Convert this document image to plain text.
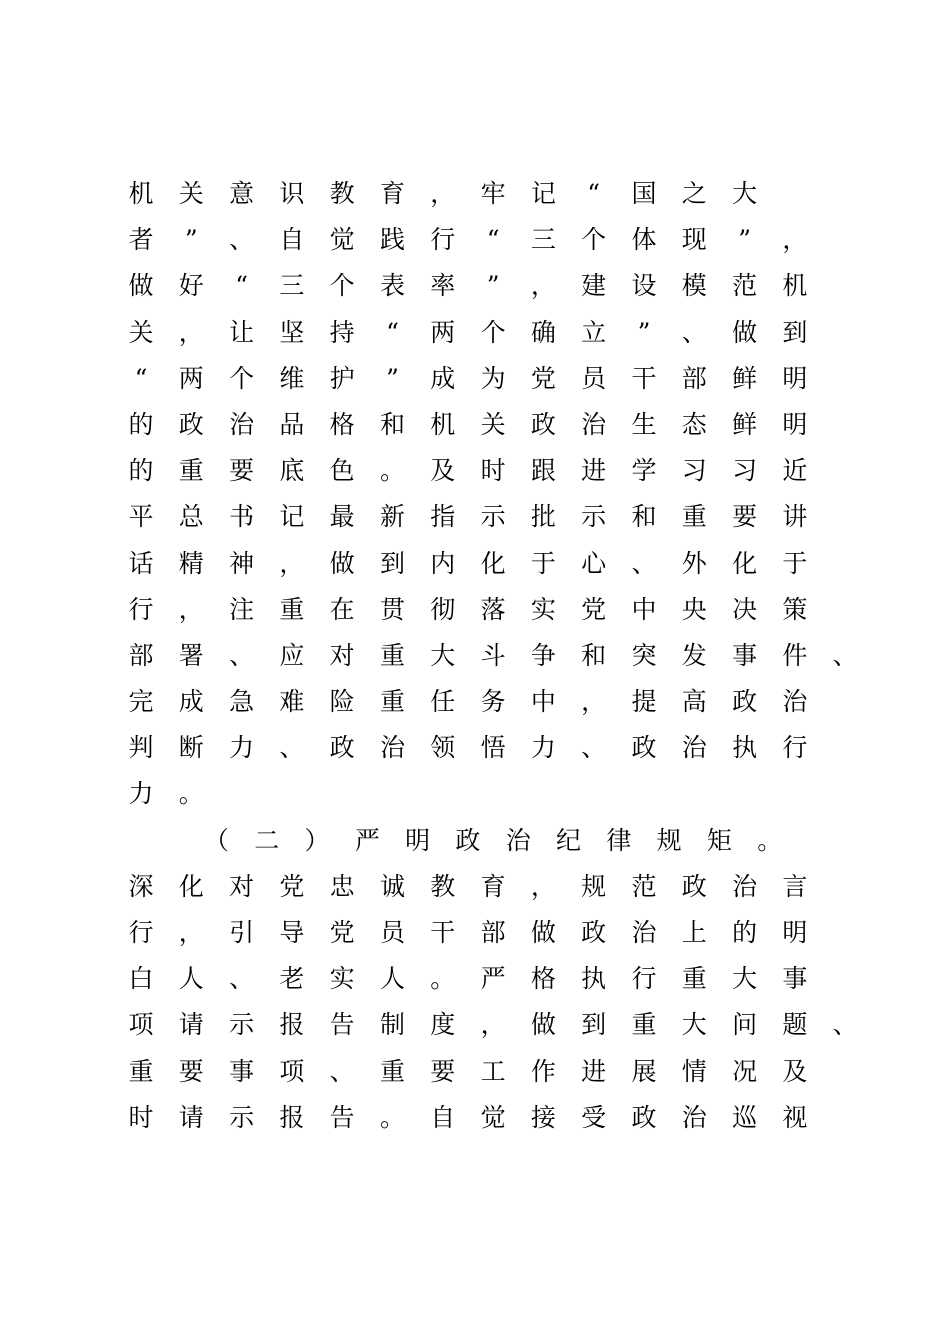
机 关 意 识 教 育 ， 牢 记	“	国 之 大
者	”	、 自 觉 践 行	“	三 个 体 现	”	，
做 好	“	三 个 表 率	”	， 建 设 模 范 机
关 ， 让 坚 持	“	两 个 确 立	”	、 做 到
“	两 个 维 护	”	成 为 党 员 干 部 鲜 明
的 政 治 品 格 和 机 关 政 治 生 态 鲜 明
的 重 要 底 色 。 及 时 跟 进 学 习 习 近
平 总 书 记 最 新 指 示 批 示 和 重 要 讲
话 精 神 ， 做 到 内 化 于 心 、 外 化 于
行 ， 注 重 在 贯 彻 落 实 党 中 央 决 策
部 署 、 应 对 重 大 斗 争 和 突 发 事 件 、
完 成 急 难 险 重 任 务 中 ， 提 高 政 治
判 断 力 、 政 治 领 悟 力 、 政 治 执 行
力 。
（ 二 ） 严 明 政 治 纪 律 规 矩 。
深 化 对 党 忠 诚 教 育 ， 规 范 政 治 言
行 ， 引 导 党 员 干 部 做 政 治 上 的 明
白 人 、 老 实 人 。 严 格 执 行 重 大 事
项 请 示 报 告 制 度 ， 做 到 重 大 问 题 、
重 要 事 项 、 重 要 工 作 进 展 情 况 及
时 请 示 报 告 。 自 觉 接 受 政 治 巡 视
